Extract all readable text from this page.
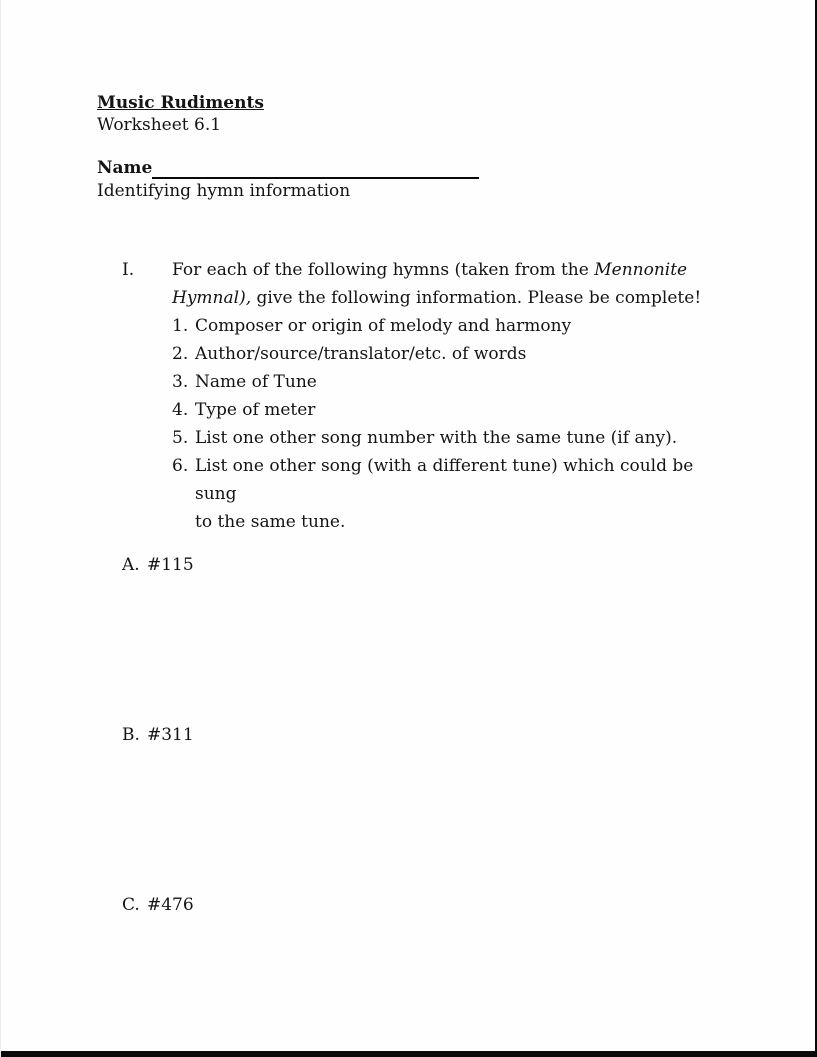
Music Rudiments
Worksheet 6.1
Name
Identifying hymn information
I. For each of the following hymns (taken from the Mennonite
Hymnal), give the following information. Please be complete!
1. Composer or origin of melody and harmony
2. Author/source/translator/etc. of words
3. Name of Tune
4. Type of meter
5. List one other song number with the same tune (if any).
6. List one other song (with a different tune) which could be sung
to the same tune.
A. #115
B. #311
C. #476
